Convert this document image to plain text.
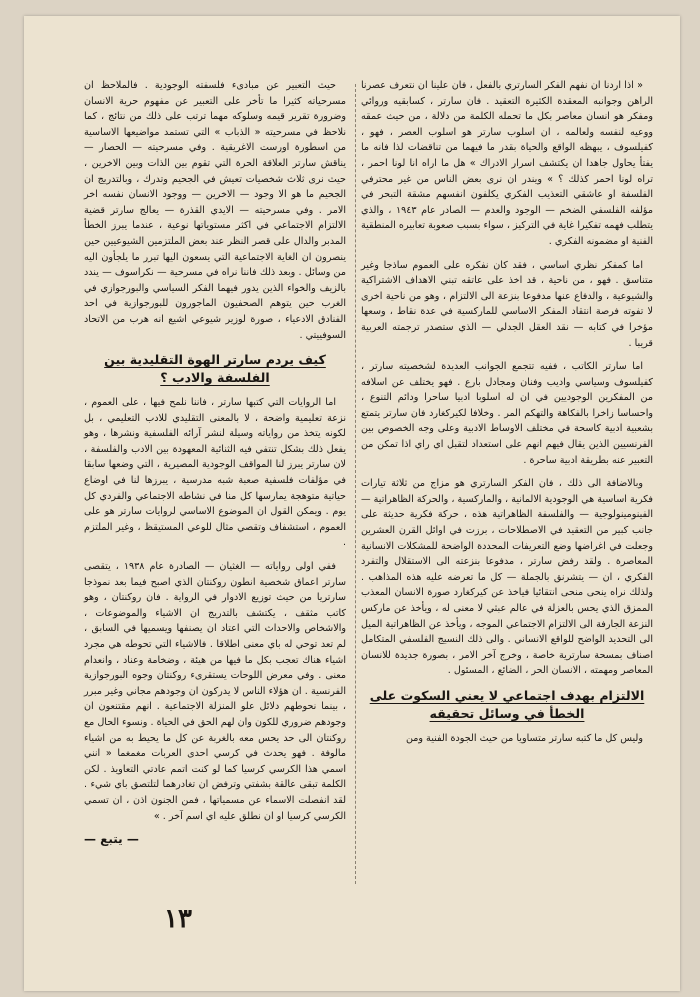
« اذا اردنا ان نفهم الفكر السارتري بالفعل ، فان علينا ان نتعرف عصرنا الراهن وجوانبه المعقدة الكثيرة التعقيد . فان سارتر ، كسابقيه وروائي ومفكر هو انسان معاصر بكل ما تحمله الكلمة من دلالة ، من حيث عمقه ووعيه لنفسه ولعالمه ، ان اسلوب سارتر هو اسلوب العصر ، فهو ، كفيلسوف ، يبهظه الواقع والحياة بقدر ما فيهما من تناقضات لذا فانه ما يفتأ يحاول جاهدا ان يكتشف اسرار الادراك » هل ما اراه انا لونا احمر ، تراه لونا احمر كذلك ؟ » ويندر ان نرى بعض الناس من غير محترفي الفلسفة او عاشقي التعذيب الفكري يكلفون انفسهم مشقة التبحر في مؤلفه الفلسفي الضخم — الوجود والعدم — الصادر عام ١٩٤٣ ، والذي يتطلب فهمه تفكيرا غاية في التركيز ، سواء بسبب صعوبة تعابيره المنطقية الفنية او مضمونه الفكري .

اما كمفكر نظري اساسي ، فقد كان نفكره على العموم ساذجا وغير متناسق . فهو ، من ناحية ، قد اخذ على عاتقه تبني الاهداف الاشتراكية والشيوعية ، والدفاع عنها مدفوعا بنزعة الى الالتزام ، وهو من ناحية اخرى لا تفوته فرصة انتقاد المفكر الاساسي للماركسية في عدة نقاط ، وسعها مؤخرا في كتابه — نقد العقل الجدلي — الذي ستصدر ترجمته العربية قريبا .

اما سارتر الكاتب ، ففيه تتجمع الجوانب العديدة لشخصيته سارتر ، كفيلسوف وسياسي واديب وفنان ومجادل بارع . فهو يختلف عن اسلافه من المفكرين الوجوديين في ان له اسلوبا ادبيا ساحرا ودائم التنوع ، واحساسا زاخرا بالفكاهة والتهكم المر . وخلافا لكيركغارد فان سارتر يتمتع بشعبية ادبية كاسحة في مختلف الاوساط الادبية وعلى وجه الخصوص بين الفرنسيين الذين يقال فيهم انهم على استعداد لتقبل اي راي اذا تمكن من التعبير عنه بطريقة ادبية ساحرة .

وبالاضافة الى ذلك ، فان الفكر السارتري هو مزاج من ثلاثة تيارات فكرية اساسية هي الوجودية الالمانية ، والماركسية ، والحركة الظاهراتية — الفينومينولوجية — والفلسفة الظاهراتية هذه ، حركة فكرية حديثة على جانب كبير من التعقيد في الاصطلاحات ، برزت في اوائل القرن العشرين وجعلت في اغراضها وضع التعريفات المحددة الواضحة للمشكلات الانسانية المعاصرة . ولقد رفض سارتر ، مدفوعا بنزعته الى الاستقلال والتفرد الفكري ، ان — يتشرنق بالجملة — كل ما تعرضه عليه هذه المذاهب . ولذلك نراه ينحى منحى انتقائيا فياخذ عن كيركغارد صورة الانسان المعذب الممزق الذي يحس بالعزلة في عالم عبثي لا معنى له ، ويأخذ عن ماركس النزعة الجارفة الى الالتزام الاجتماعي الموجه ، ويأخذ عن الظاهراتية الميل الى التحديد الواضح للواقع الانساني . والى ذلك النسيج الفلسفي المتكامل اصناف بمسحة سارترية خاصة ، وخرج آخر الامر ، بصورة جديدة للانسان المعاصر ومهمته ، الانسان الحر ، الضائع ، المسئول .

الالتزام بهدف اجتماعي لا يعني السكوت على الخطأ في وسائل تحقيقه

وليس كل ما كتبه سارتر متساويا من حيث الجودة الفنية ومن

حيث التعبير عن مبادىء فلسفته الوجودية . فالملاحظ ان مسرحياته كثيرا ما تأخر على التعبير عن مفهوم حرية الانسان وضرورة تقرير قيمه وسلوكه مهما ترتب على ذلك من نتائج ، كما نلاحظ في مسرحيته « الذباب » التي تستمد مواضيعها الاساسية من اسطورة اورست الاغريقية . وفي مسرحيته — الحصار — يناقش سارتر العلاقة الحرة التي تقوم بين الذات وبين الاخرين ، حيث نرى ثلاث شخصيات تعيش في الجحيم وتدرك ، وبالتدريج ان الجحيم ما هو الا وجود — الاخرين — ووجود الانسان نفسه اخر الامر . وفي مسرحيته — الايدي القذرة — يعالج سارتر قضية الالتزام الاجتماعي في اكثر مستوياتها نوعية ، عندما يبرز الخطأ المدبر والدال على قصر النظر عند بعض الملتزمين الشيوعيين حين ينصرون ان الغاية الاجتماعية التي يسعون اليها تبرر ما يلجأون اليه من وسائل . وبعد ذلك فاننا نراه في مسرحية — نكراسوف — يندد بالزيف والخواء الذين يدور فيهما الفكر السياسي والبورجوازي في الغرب حين يتوهم الصحفيون الماجورون للبورجوازية في احد الفنادق الادعياء ، صورة لوزير شيوعي اشيع انه هرب من الاتحاد السوفييتي .

كيف يردم سارتر الهوة التقليدية بين الفلسفة والادب ؟

اما الروايات التي كتبها سارتر ، فاننا نلمح فيها ، على العموم ، نزعة تعليمية واضحة ، لا بالمعنى التقليدي للادب التعليمي ، بل لكونه يتخذ من رواياته وسيلة لنشر آرائه الفلسفية ونشرها ، وهو يفعل ذلك بشكل تنتفي فيه الثنائية المعهودة بين الادب والفلسفة ، لان سارتر يبرز لنا المواقف الوجودية المصيرية ، التي وضعها سابقا في مؤلفات فلسفية صعبة شبه مدرسية ، يبرزها لنا في اوضاع حياتية متوهجة يمارسها كل منا في نشاطه الاجتماعي والفردي كل يوم . ويمكن القول ان الموضوع الاساسي لروايات سارتر هو على العموم ، استشفاف وتقصي مثال للوعي المستيقظ ، وغير الملتزم .

ففي اولى رواياته — الغثيان — الصادرة عام ١٩٣٨ ، يتقصى سارتر اعماق شخصية انطون روكنتان الذي اصبح فيما بعد نموذجا سارتريا من حيث توزيع الادوار في الرواية . فان روكنتان ، وهو كاتب مثقف ، يكتشف بالتدريج ان الاشياء والموضوعات ، والاشخاص والاحداث التي اعتاد ان يصنفها ويسميها في السابق ، لم تعد توحي له باي معنى اطلاقا . فالاشياء التي تحوطه هي مجرد اشياء هناك تعجب بكل ما فيها من هيئة ، وضخامة وعناد ، وانعدام معنى . وفي معرض اللوحات يستقرىء روكنتان وجوه البورجوازية الفرنسية . ان هؤلاء الناس لا يدركون ان وجودهم مجاني وغير مبرر ، بينما نحوطهم دلائل علو المنزلة الاجتماعية . انهم مقتنعون ان وجودهم ضروري للكون وان لهم الحق في الحياة . ونسوء الحال مع روكنتان الى حد يحس معه بالغربة عن كل ما يحيط به من اشياء مالوفة . فهو يحدث في كرسي احدى العربات مغمغما « انني اسمي هذا الكرسي كرسيا كما لو كنت اتمم عادتي التعاويذ . لكن الكلمة تبقى عالقة بشفتي وترفض ان تغادرهما لتلتصق باي شيء . لقد انفصلت الاسماء عن مسمياتها ، فمن الجنون اذن ، ان تسمي الكرسي كرسيا او ان نطلق عليه اي اسم آخر . »

— يتبع —
١٣
